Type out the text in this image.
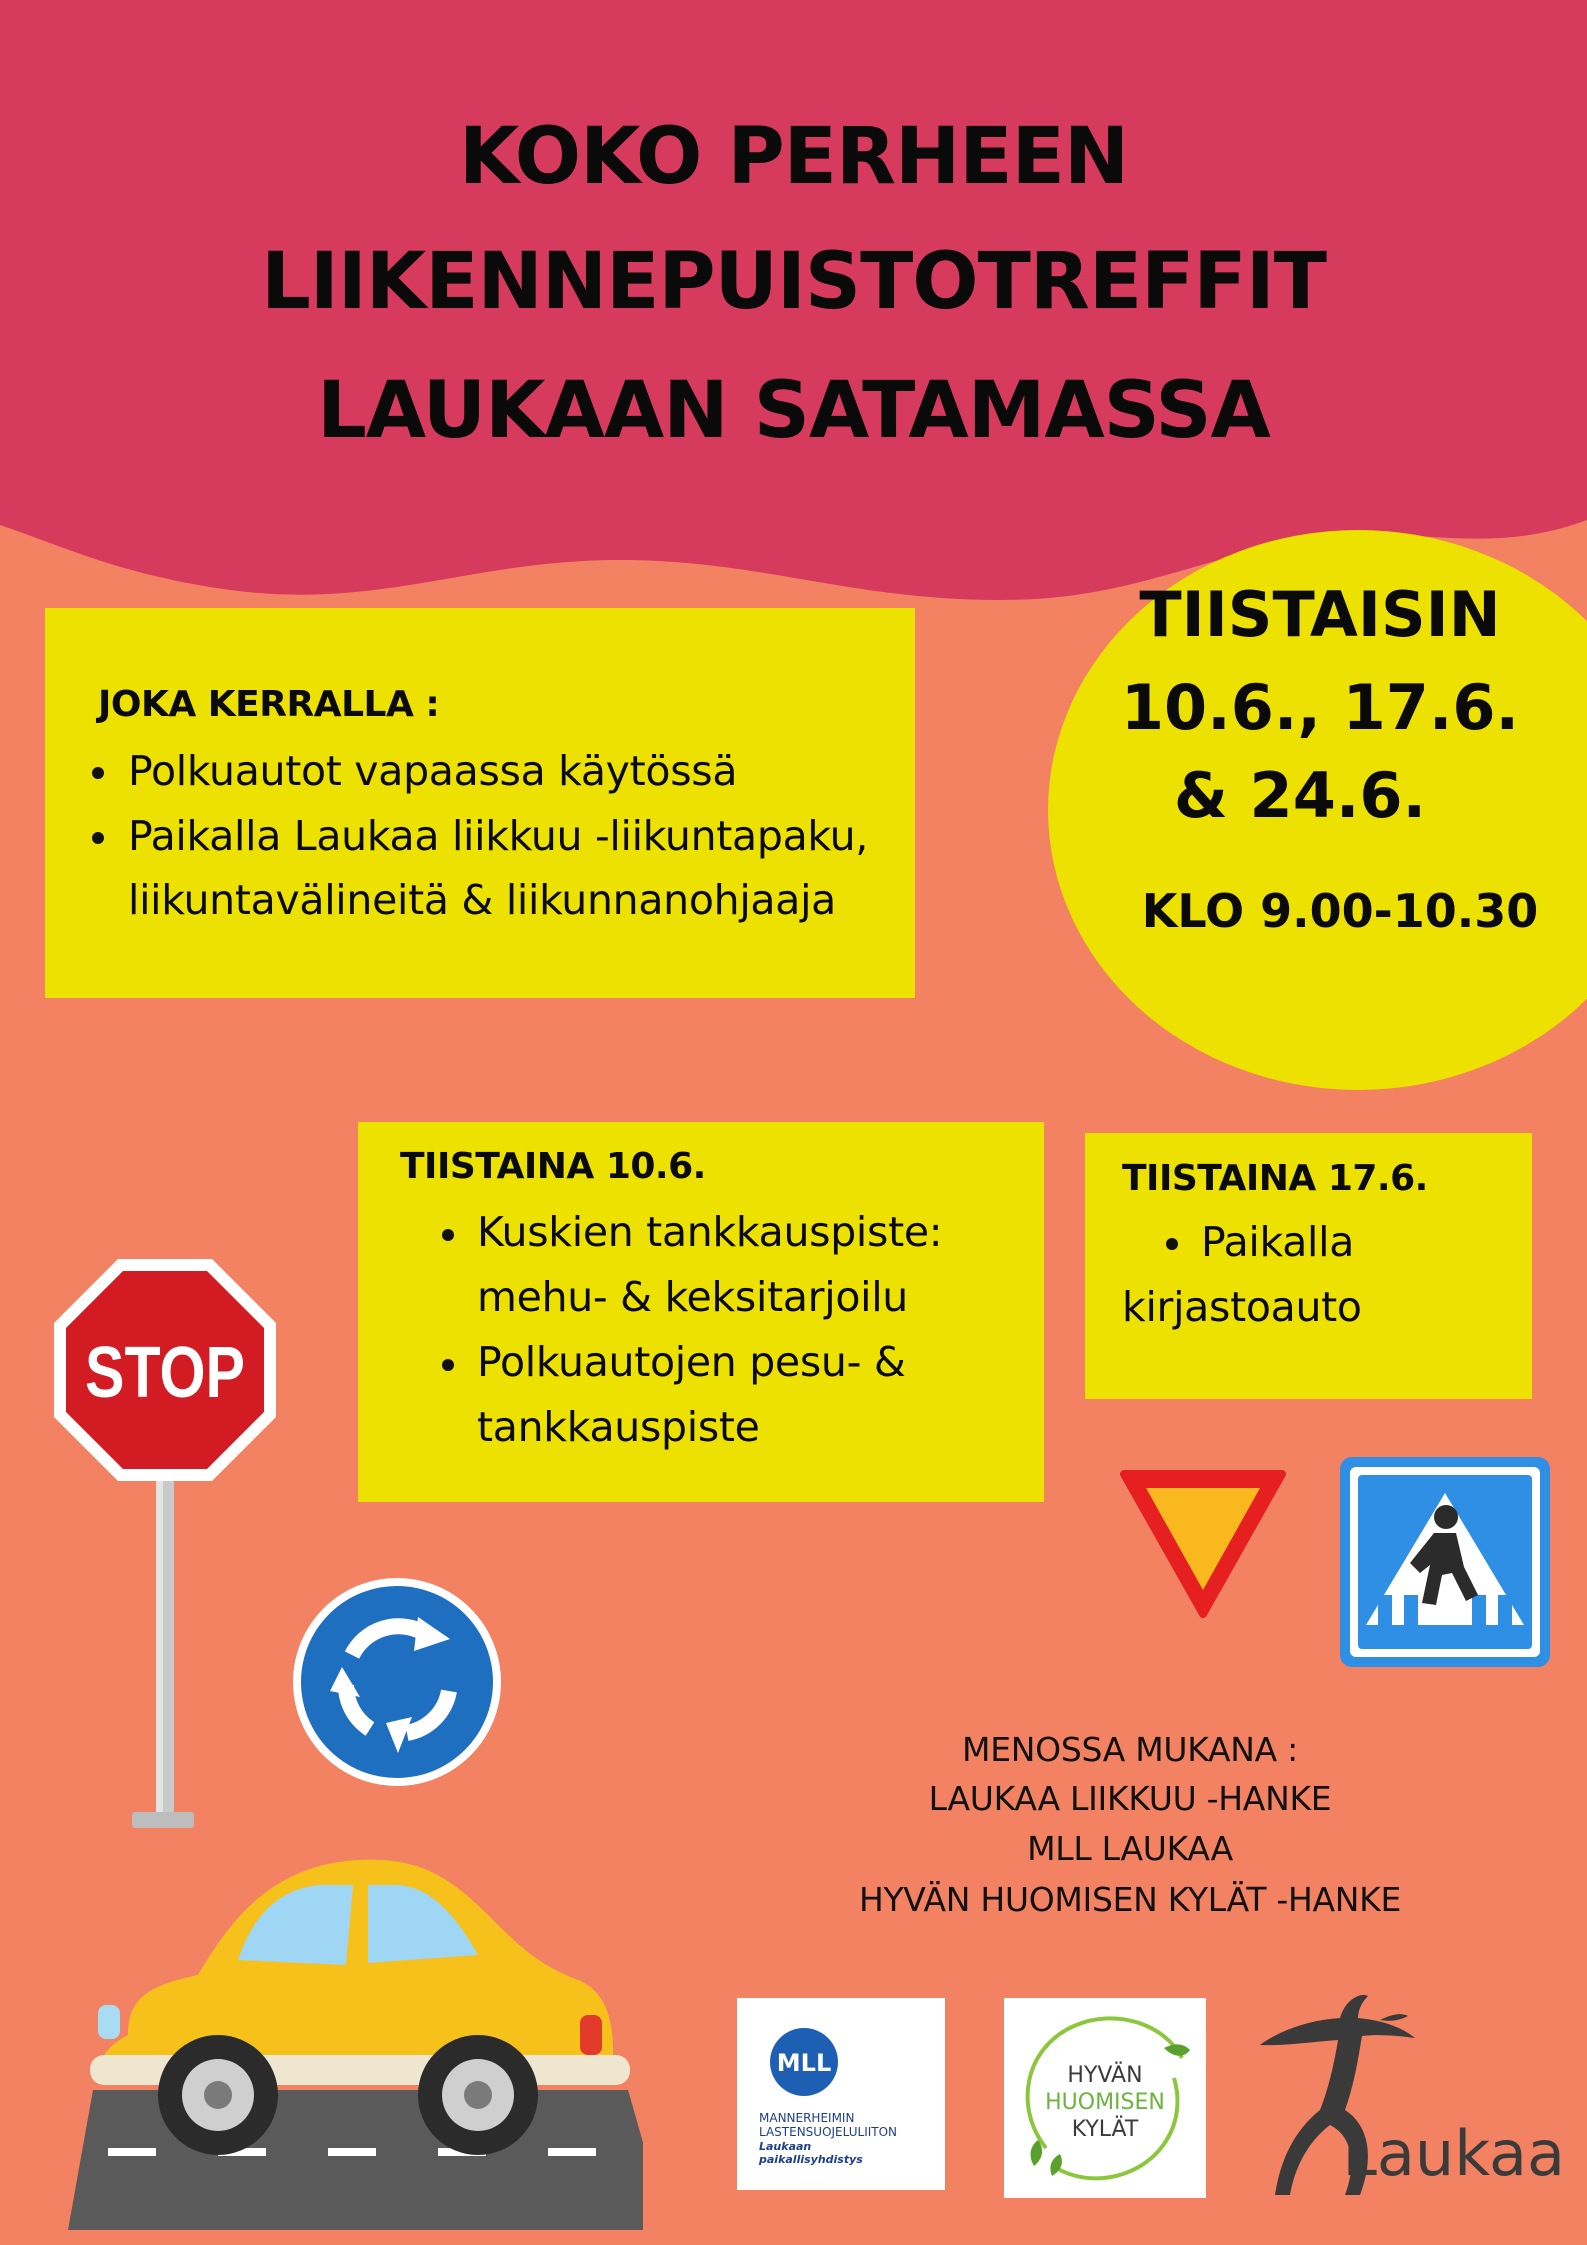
KOKO PERHEEN
LIIKENNEPUISTOTREFFIT
LAUKAAN SATAMASSA
TIISTAISIN
10.6., 17.6.
& 24.6.
KLO 9.00-10.30
JOKA KERRALLA :
Polkuautot vapaassa käytössä
Paikalla Laukaa liikkuu -liikuntapaku,
liikuntavälineitä & liikunnanohjaaja
TIISTAINA 10.6.
Kuskien tankkauspiste:
mehu- & keksitarjoilu
Polkuautojen pesu- &
tankkauspiste
TIISTAINA 17.6.
Paikalla
kirjastoauto
STOP
MENOSSA MUKANA :
LAUKAA LIIKKUU -HANKE
MLL LAUKAA
HYVÄN HUOMISEN KYLÄT -HANKE
MLL
MANNERHEIMIN
LASTENSUOJELULIITON
Laukaan
paikallisyhdistys
HYVÄN
HUOMISEN
KYLÄT	Laukaa
